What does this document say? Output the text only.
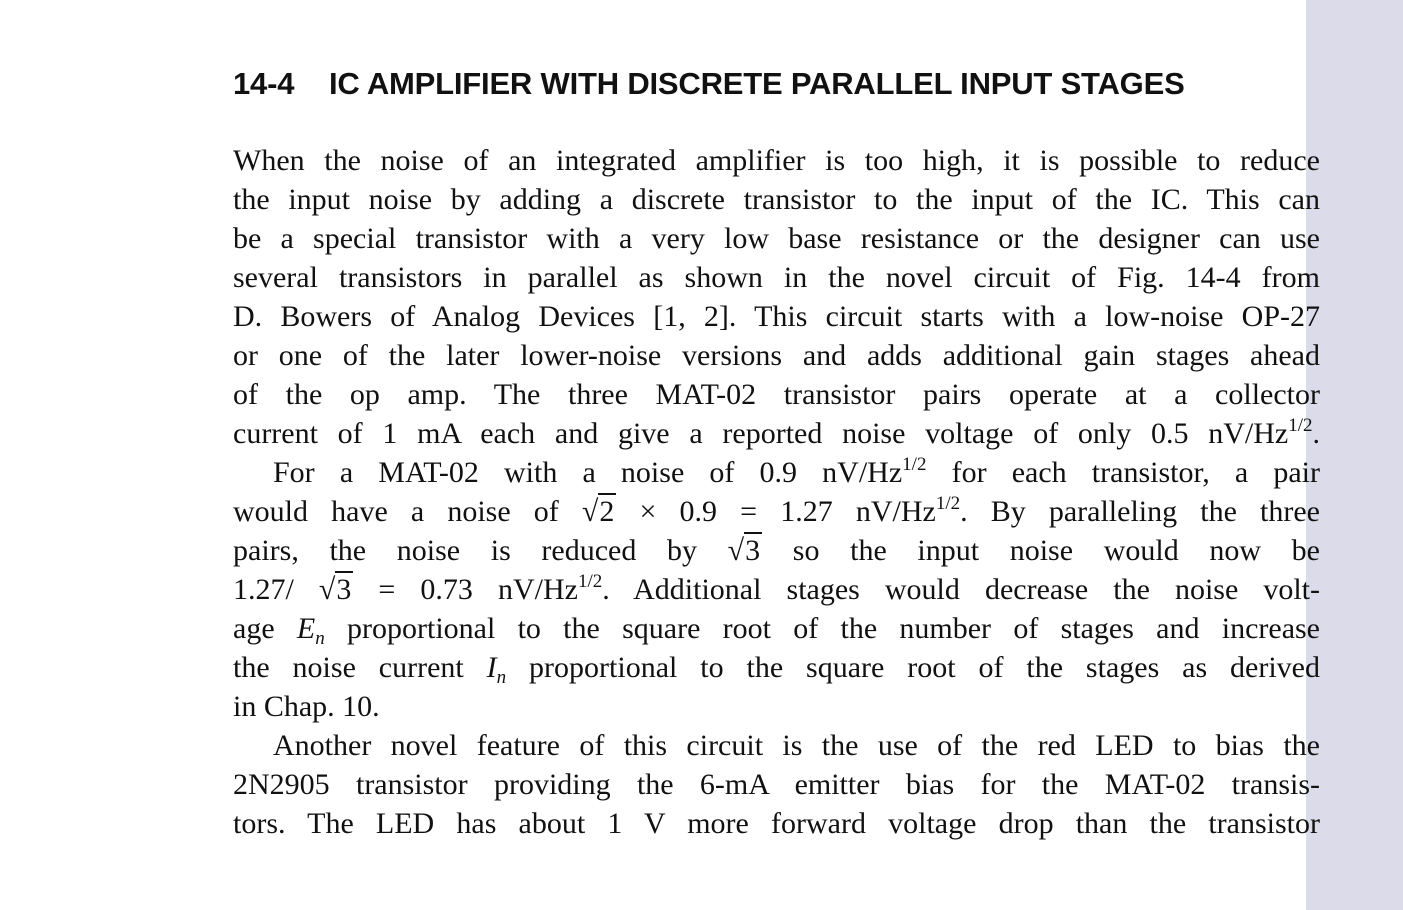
14-4 IC AMPLIFIER WITH DISCRETE PARALLEL INPUT STAGES
When the noise of an integrated amplifier is too high, it is possible to reduce
the input noise by adding a discrete transistor to the input of the IC. This can
be a special transistor with a very low base resistance or the designer can use
several transistors in parallel as shown in the novel circuit of Fig. 14-4 from
D. Bowers of Analog Devices [1, 2]. This circuit starts with a low-noise OP-27
or one of the later lower-noise versions and adds additional gain stages ahead
of the op amp. The three MAT-02 transistor pairs operate at a collector
current of 1 mA each and give a reported noise voltage of only 0.5 $nV/Hz^{1/2}$.
For a MAT-02 with a noise of 0.9 $nV/Hz^{1/2}$ for each transistor, a pair
would have a noise of √2 × 0.9 = 1.27 $nV/Hz^{1/2}$. By paralleling the three
pairs, the noise is reduced by √3 so the input noise would now be
1.27/ √3 = 0.73 $nV/Hz^{1/2}$. Additional stages would decrease the noise volt-
age $E_n$ proportional to the square root of the number of stages and increase
the noise current $I_n$ proportional to the square root of the stages as derived
in Chap. 10.
Another novel feature of this circuit is the use of the red LED to bias the
2N2905 transistor providing the 6-mA emitter bias for the MAT-02 transis-
tors. The LED has about 1 V more forward voltage drop than the transistor
